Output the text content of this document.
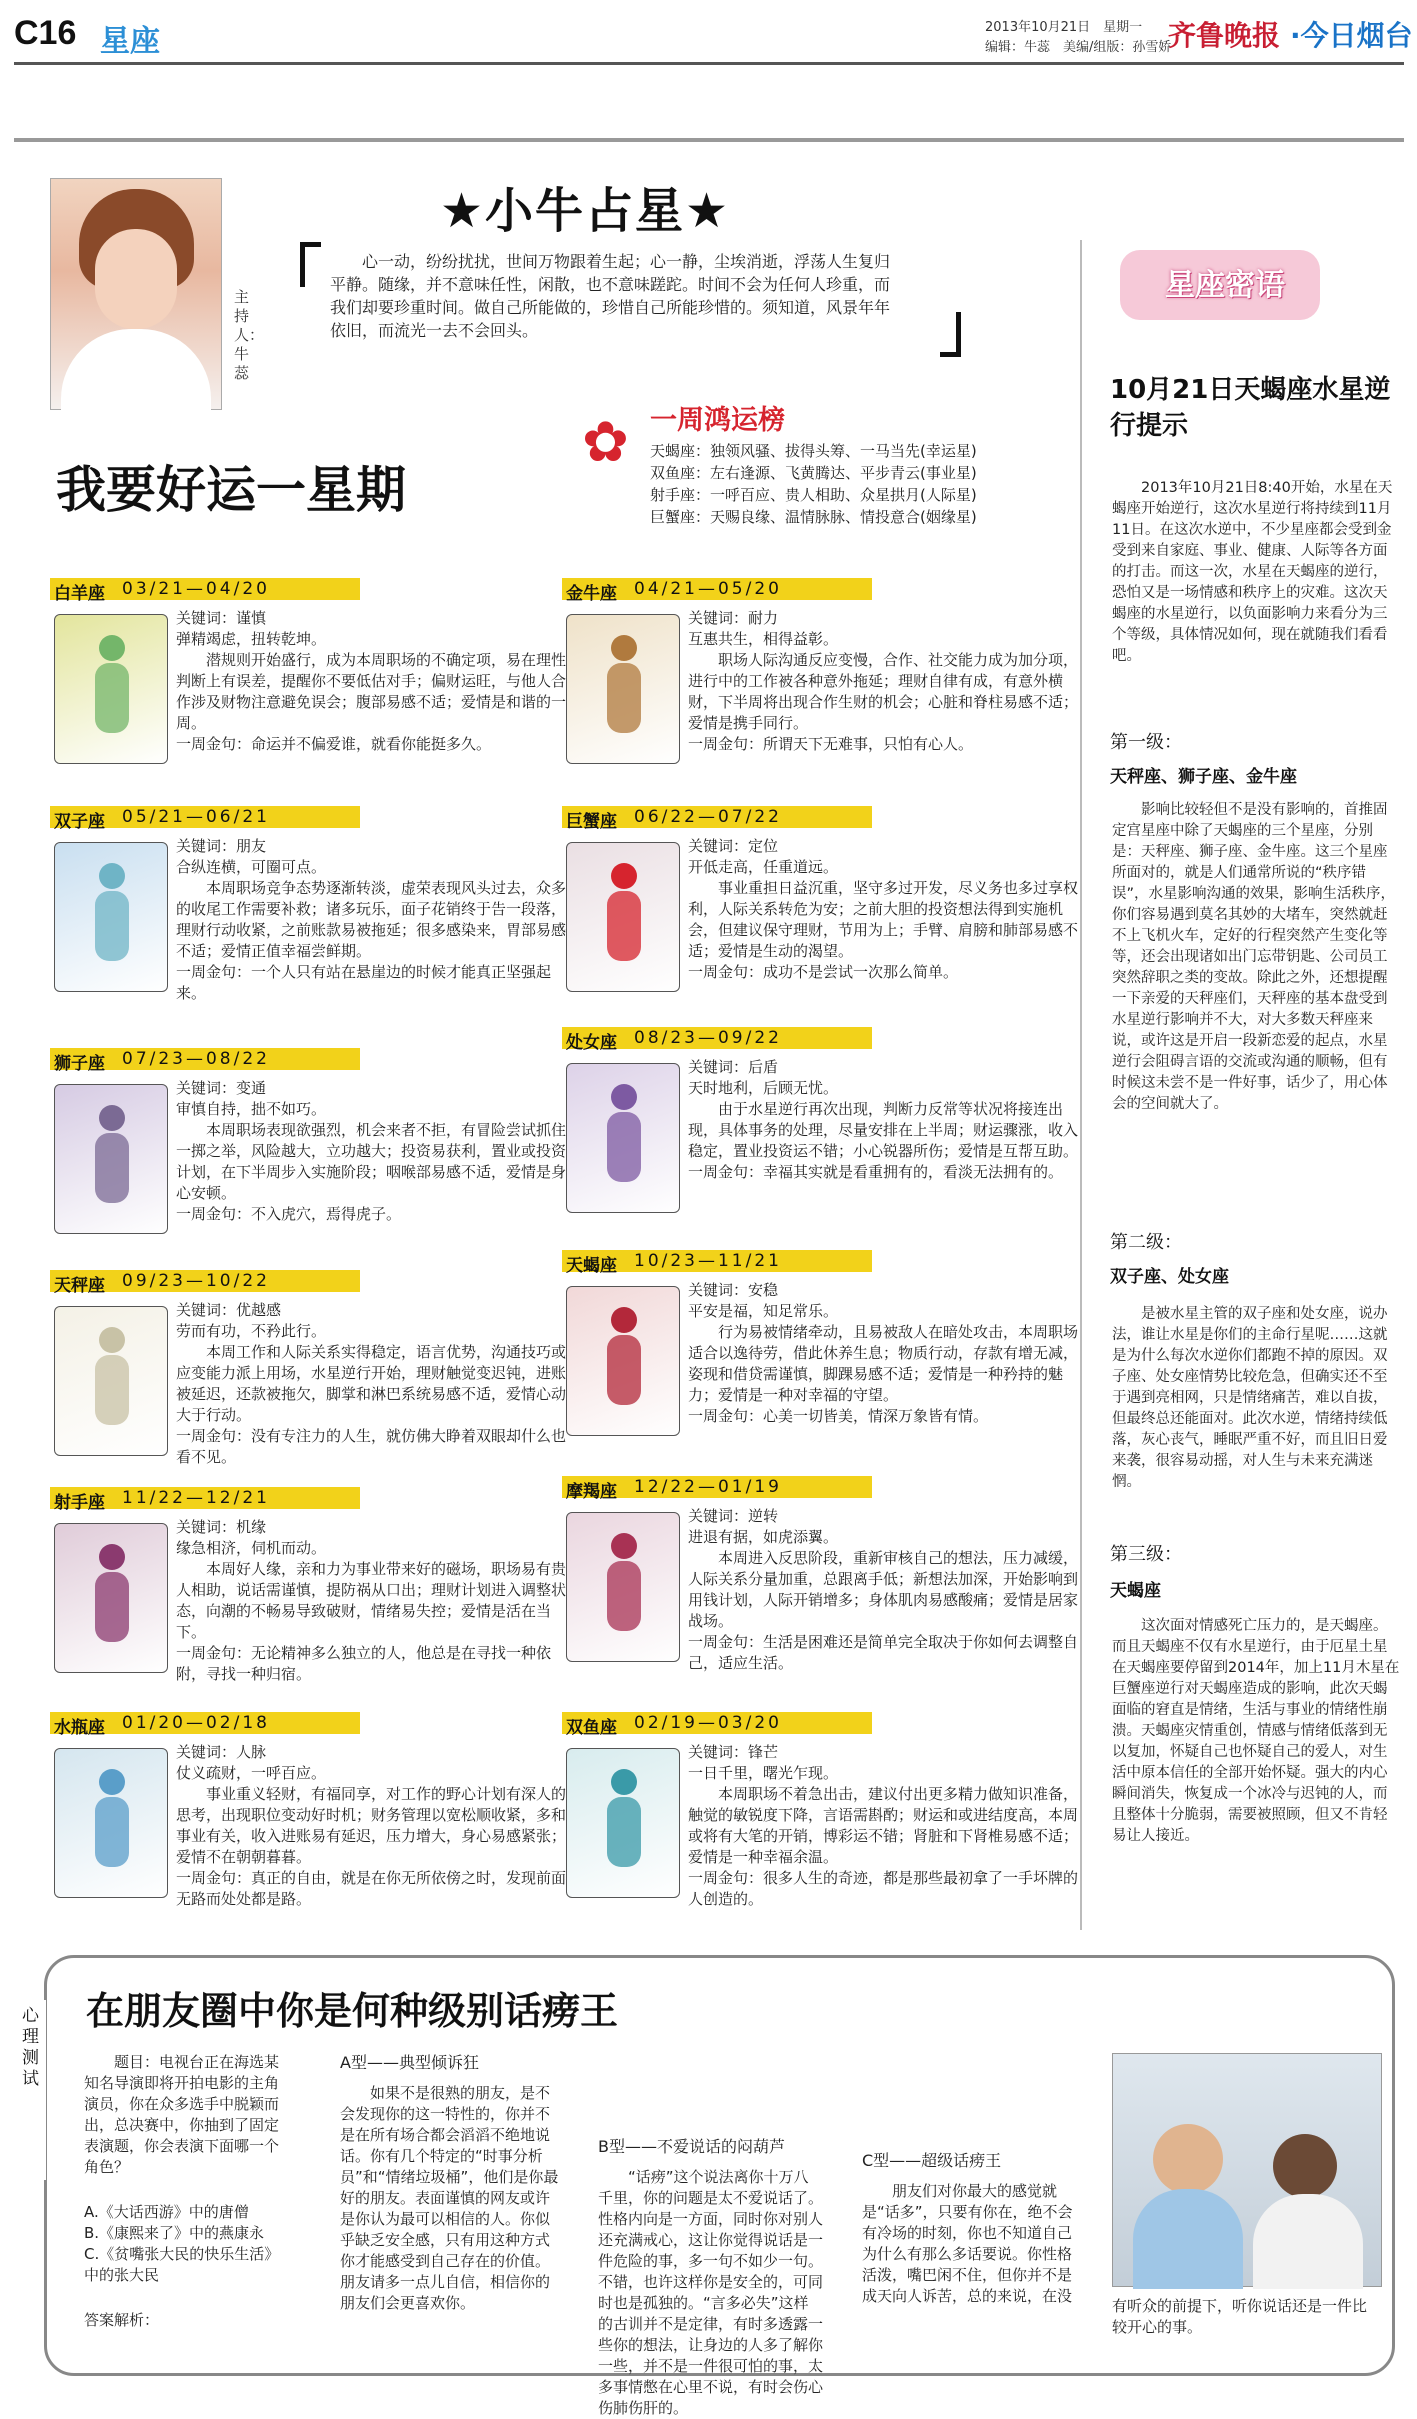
C16 星座	2013年10月21日　星期一
编辑：牛蕊　美编/组版：孙雪娇
齐鲁晚报 ·今日烟台
主持人：牛蕊
★小牛占星★
心一动，纷纷扰扰，世间万物跟着生起；心一静，尘埃消逝，浮荡人生复归平静。随缘，并不意味任性，闲散，也不意味蹉跎。时间不会为任何人珍重，而我们却要珍重时间。做自己所能做的，珍惜自己所能珍惜的。须知道，风景年年依旧，而流光一去不会回头。
我要好运一星期
✿ 一周鸿运榜
天蝎座：独领风骚、拔得头筹、一马当先(幸运星)
双鱼座：左右逢源、飞黄腾达、平步青云(事业星)
射手座：一呼百应、贵人相助、众星拱月(人际星)
巨蟹座：天赐良缘、温情脉脉、情投意合(姻缘星)
白羊座 03/21—04/20

关键词：谨慎

弹精竭虑，扭转乾坤。

潜规则开始盛行，成为本周职场的不确定项，易在理性判断上有误差，提醒你不要低估对手；偏财运旺，与他人合作涉及财物注意避免误会；腹部易感不适；爱情是和谐的一周。

一周金句：命运并不偏爱谁，就看你能挺多久。

双子座 05/21—06/21

关键词：朋友

合纵连横，可圈可点。

本周职场竞争态势逐渐转淡，虚荣表现风头过去，众多的收尾工作需要补救；诸多玩乐，面子花销终于告一段落，理财行动收紧，之前账款易被拖延；很多感染来，胃部易感不适；爱情正值幸福尝鲜期。

一周金句：一个人只有站在悬崖边的时候才能真正坚强起来。

狮子座 07/23—08/22

关键词：变通

审慎自持，拙不如巧。

本周职场表现欲强烈，机会来者不拒，有冒险尝试抓住一掷之举，风险越大，立功越大；投资易获利，置业或投资计划，在下半周步入实施阶段；咽喉部易感不适，爱情是身心安顿。

一周金句：不入虎穴，焉得虎子。

天秤座 09/23—10/22

关键词：优越感

劳而有功，不矜此行。

本周工作和人际关系实得稳定，语言优势，沟通技巧或应变能力派上用场，水星逆行开始，理财触觉变迟钝，进账被延迟，还款被拖欠，脚掌和淋巴系统易感不适，爱情心动大于行动。

一周金句：没有专注力的人生，就仿佛大睁着双眼却什么也看不见。

射手座 11/22—12/21

关键词：机缘

缘急相济，伺机而动。

本周好人缘，亲和力为事业带来好的磁场，职场易有贵人相助，说话需谨慎，提防祸从口出；理财计划进入调整状态，向潮的不畅易导致破财，情绪易失控；爱情是活在当下。

一周金句：无论精神多么独立的人，他总是在寻找一种依附，寻找一种归宿。

水瓶座 01/20—02/18

关键词：人脉

仗义疏财，一呼百应。

事业重义轻财，有福同享，对工作的野心计划有深人的思考，出现职位变动好时机；财务管理以宽松顺收紧，多和事业有关，收入进账易有延迟，压力增大，身心易感紧张；爱情不在朝朝暮暮。

一周金句：真正的自由，就是在你无所依傍之时，发现前面无路而处处都是路。

金牛座 04/21—05/20

关键词：耐力

互惠共生，相得益彰。

职场人际沟通反应变慢，合作、社交能力成为加分项，进行中的工作被各种意外拖延；理财自律有成，有意外横财，下半周将出现合作生财的机会；心脏和脊柱易感不适；爱情是携手同行。

一周金句：所谓天下无难事，只怕有心人。

巨蟹座 06/22—07/22

关键词：定位

开低走高，任重道远。

事业重担日益沉重，坚守多过开发，尽义务也多过享权利，人际关系转危为安；之前大胆的投资想法得到实施机会，但建议保守理财，节用为上；手臂、肩膀和肺部易感不适；爱情是生动的渴望。

一周金句：成功不是尝试一次那么简单。

处女座 08/23—09/22

关键词：后盾

天时地利，后顾无忧。

由于水星逆行再次出现，判断力反常等状况将接连出现，具体事务的处理，尽量安排在上半周；财运骤涨，收入稳定，置业投资运不错；小心锐器所伤；爱情是互帮互助。

一周金句：幸福其实就是看重拥有的，看淡无法拥有的。

天蝎座 10/23—11/21

关键词：安稳

平安是福，知足常乐。

行为易被情绪牵动，且易被敌人在暗处攻击，本周职场适合以逸待劳，借此休养生息；物质行动，存款有增无减，姿现和借贷需谨慎，脚踝易感不适；爱情是一种矜持的魅力；爱情是一种对幸福的守望。

一周金句：心美一切皆美，情深万象皆有情。

摩羯座 12/22—01/19

关键词：逆转

进退有据，如虎添翼。

本周进入反思阶段，重新审核自己的想法，压力减缓，人际关系分量加重，总跟离手低；新想法加深，开始影响到用钱计划，人际开销增多；身体肌肉易感酸痛；爱情是居家战场。

一周金句：生活是困难还是简单完全取决于你如何去调整自己，适应生活。

双鱼座 02/19—03/20

关键词：锋芒

一日千里，曙光乍现。

本周职场不着急出击，建议付出更多精力做知识准备，触觉的敏锐度下降，言语需斟酌；财运和或进结度高，本周或将有大笔的开销，博彩运不错；肾脏和下肾椎易感不适；爱情是一种幸福余温。

一周金句：很多人生的奇迹，都是那些最初拿了一手坏牌的人创造的。

星座密语
10月21日天蝎座水星逆行提示
2013年10月21日8:40开始，水星在天蝎座开始逆行，这次水星逆行将持续到11月11日。在这次水逆中，不少星座都会受到金受到来自家庭、事业、健康、人际等各方面的打击。而这一次，水星在天蝎座的逆行，恐怕又是一场情感和秩序上的灾难。这次天蝎座的水星逆行，以负面影响力来看分为三个等级，具体情况如何，现在就随我们看看吧。
第一级：
天秤座、狮子座、金牛座
影响比较轻但不是没有影响的，首推固定宫星座中除了天蝎座的三个星座，分别是：天秤座、狮子座、金牛座。这三个星座所面对的，就是人们通常所说的“秩序错误”，水星影响沟通的效果，影响生活秩序，你们容易遇到莫名其妙的大堵车，突然就赶不上飞机火车，定好的行程突然产生变化等等，还会出现诸如出门忘带钥匙、公司员工突然辞职之类的变故。除此之外，还想提醒一下亲爱的天秤座们，天秤座的基本盘受到水星逆行影响并不大，对大多数天秤座来说，或许这是开启一段新恋爱的起点，水星逆行会阻碍言语的交流或沟通的顺畅，但有时候这未尝不是一件好事，话少了，用心体会的空间就大了。
第二级：
双子座、处女座
是被水星主管的双子座和处女座，说办法，谁让水星是你们的主命行星呢……这就是为什么每次水逆你们都跑不掉的原因。双子座、处女座情势比较危急，但确实还不至于遇到亮相网，只是情绪痛苦，难以自拔，但最终总还能面对。此次水逆，情绪持续低落，灰心丧气，睡眠严重不好，而且旧日爱来袭，很容易动摇，对人生与未来充满迷惘。
第三级：
天蝎座
这次面对情感死亡压力的，是天蝎座。而且天蝎座不仅有水星逆行，由于厄星土星在天蝎座要停留到2014年，加上11月木星在巨蟹座逆行对天蝎座造成的影响，此次天蝎面临的窘直是情绪，生活与事业的情绪性崩溃。天蝎座灾情重创，情感与情绪低落到无以复加，怀疑自己也怀疑自己的爱人，对生活中原本信任的全部开始怀疑。强大的内心瞬间消失，恢复成一个冰冷与迟钝的人，而且整体十分脆弱，需要被照顾，但又不肯轻易让人接近。
心理测试
在朋友圈中你是何种级别话痨王

题目：电视台正在海选某知名导演即将开拍电影的主角演员，你在众多选手中脱颖而出，总决赛中，你抽到了固定表演题，你会表演下面哪一个角色？

A.《大话西游》中的唐僧

B.《康熙来了》中的燕康永

C.《贫嘴张大民的快乐生活》中的张大民

答案解析：

A型——典型倾诉狂

如果不是很熟的朋友，是不会发现你的这一特性的，你并不是在所有场合都会滔滔不绝地说话。你有几个特定的“时事分析员”和“情绪垃圾桶”，他们是你最好的朋友。表面谨慎的网友或许是你认为最可以相信的人。你似乎缺乏安全感，只有用这种方式你才能感受到自己存在的价值。朋友请多一点儿自信，相信你的朋友们会更喜欢你。

B型——不爱说话的闷葫芦

“话痨”这个说法离你十万八千里，你的问题是太不爱说话了。性格内向是一方面，同时你对别人还充满戒心，这让你觉得说话是一件危险的事，多一句不如少一句。不错，也许这样你是安全的，可同时也是孤独的。“言多必失”这样的古训并不是定律，有时多透露一些你的想法，让身边的人多了解你一些，并不是一件很可怕的事，太多事情憋在心里不说，有时会伤心伤肺伤肝的。

C型——超级话痨王

朋友们对你最大的感觉就是“话多”，只要有你在，绝不会有冷场的时刻，你也不知道自己为什么有那么多话要说。你性格活泼，嘴巴闲不住，但你并不是成天向人诉苦，总的来说，在没

有听众的前提下，听你说话还是一件比较开心的事。
